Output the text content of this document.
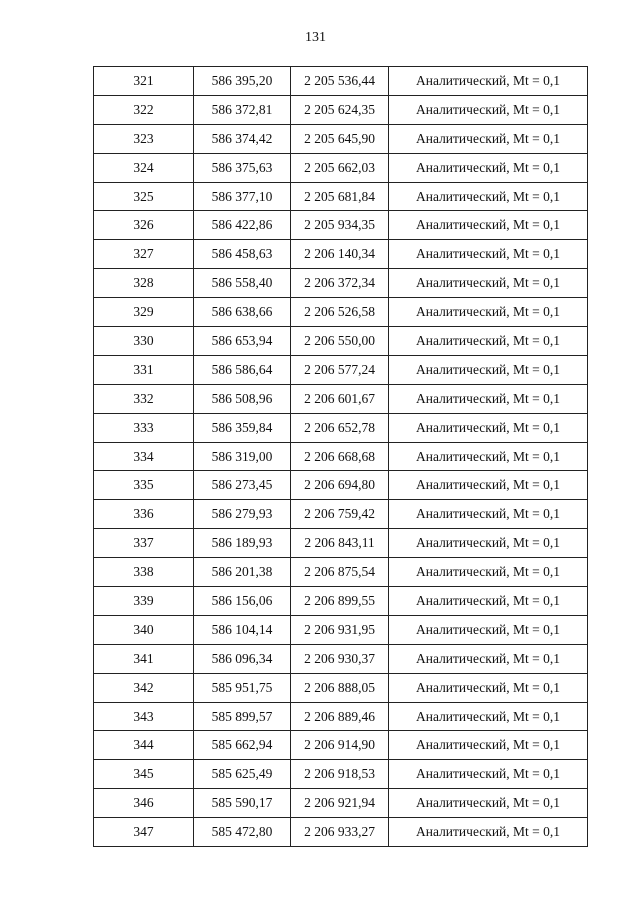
131
321	586 395,20	2 205 536,44	Аналитический, Mt = 0,1
322	586 372,81	2 205 624,35	Аналитический, Mt = 0,1
323	586 374,42	2 205 645,90	Аналитический, Mt = 0,1
324	586 375,63	2 205 662,03	Аналитический, Mt = 0,1
325	586 377,10	2 205 681,84	Аналитический, Mt = 0,1
326	586 422,86	2 205 934,35	Аналитический, Mt = 0,1
327	586 458,63	2 206 140,34	Аналитический, Mt = 0,1
328	586 558,40	2 206 372,34	Аналитический, Mt = 0,1
329	586 638,66	2 206 526,58	Аналитический, Mt = 0,1
330	586 653,94	2 206 550,00	Аналитический, Mt = 0,1
331	586 586,64	2 206 577,24	Аналитический, Mt = 0,1
332	586 508,96	2 206 601,67	Аналитический, Mt = 0,1
333	586 359,84	2 206 652,78	Аналитический, Mt = 0,1
334	586 319,00	2 206 668,68	Аналитический, Mt = 0,1
335	586 273,45	2 206 694,80	Аналитический, Mt = 0,1
336	586 279,93	2 206 759,42	Аналитический, Mt = 0,1
337	586 189,93	2 206 843,11	Аналитический, Mt = 0,1
338	586 201,38	2 206 875,54	Аналитический, Mt = 0,1
339	586 156,06	2 206 899,55	Аналитический, Mt = 0,1
340	586 104,14	2 206 931,95	Аналитический, Mt = 0,1
341	586 096,34	2 206 930,37	Аналитический, Mt = 0,1
342	585 951,75	2 206 888,05	Аналитический, Mt = 0,1
343	585 899,57	2 206 889,46	Аналитический, Mt = 0,1
344	585 662,94	2 206 914,90	Аналитический, Mt = 0,1
345	585 625,49	2 206 918,53	Аналитический, Mt = 0,1
346	585 590,17	2 206 921,94	Аналитический, Mt = 0,1
347	585 472,80	2 206 933,27	Аналитический, Mt = 0,1
